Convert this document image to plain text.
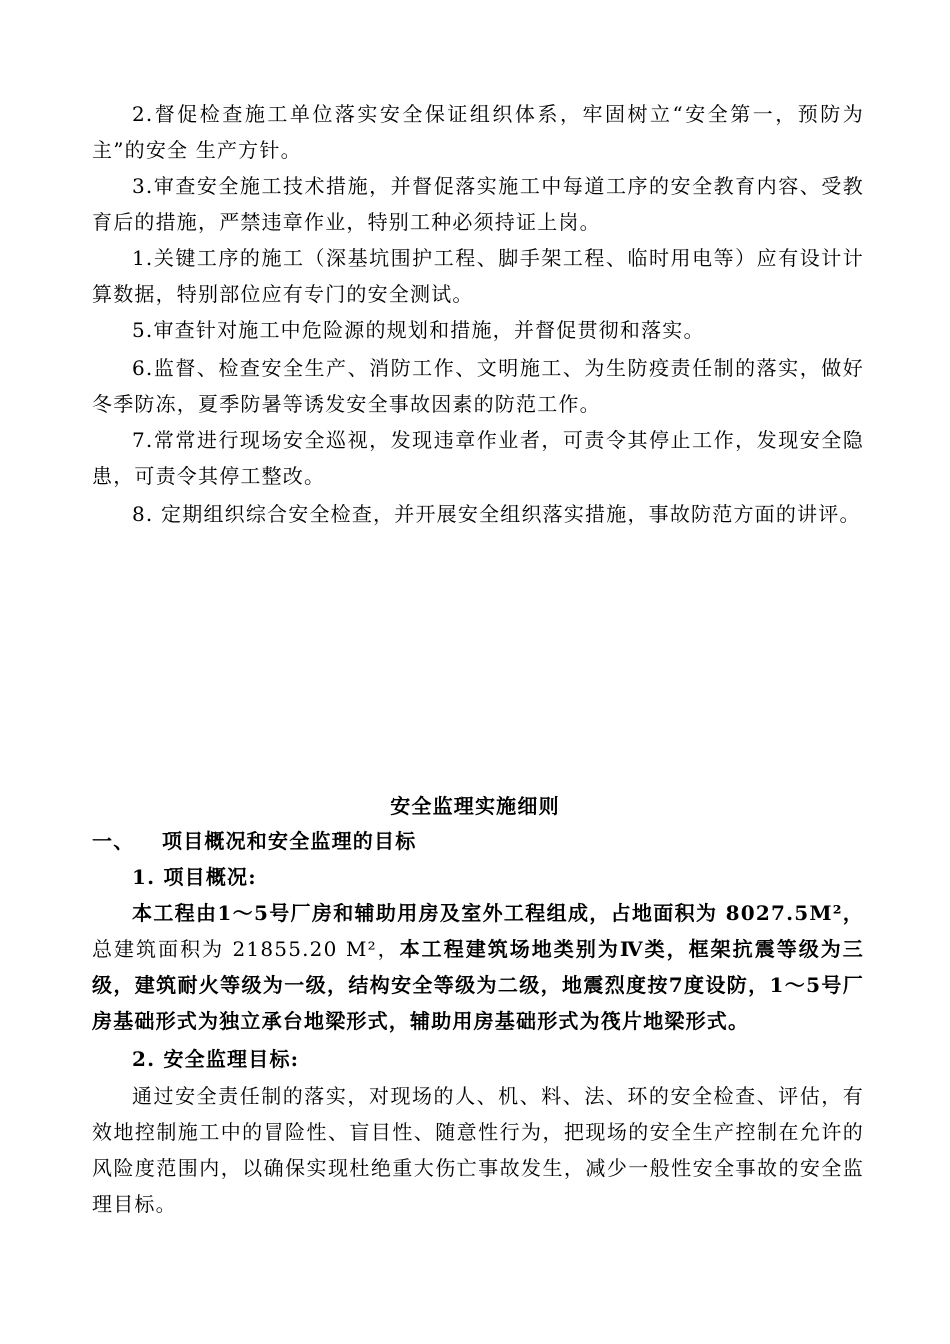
2.督促检查施工单位落实安全保证组织体系，牢固树立“安全第一，预防为主”的安全 生产方针。

3.审查安全施工技术措施，并督促落实施工中每道工序的安全教育内容、受教育后的措施，严禁违章作业，特别工种必须持证上岗。

1.关键工序的施工（深基坑围护工程、脚手架工程、临时用电等）应有设计计算数据，特别部位应有专门的安全测试。

5.审查针对施工中危险源的规划和措施，并督促贯彻和落实。

6.监督、检查安全生产、消防工作、文明施工、为生防疫责任制的落实，做好冬季防冻，夏季防暑等诱发安全事故因素的防范工作。

7.常常进行现场安全巡视，发现违章作业者，可责令其停止工作，发现安全隐患，可责令其停工整改。

8. 定期组织综合安全检查，并开展安全组织落实措施，事故防范方面的讲评。

安全监理实施细则

一、 项目概况和安全监理的目标

1. 项目概况:

本工程由1～5号厂房和辅助用房及室外工程组成，占地面积为 8027.5M²，总建筑面积为 21855.20 M²，本工程建筑场地类别为Ⅳ类，框架抗震等级为三级，建筑耐火等级为一级，结构安全等级为二级，地震烈度按7度设防，1～5号厂房基础形式为独立承台地梁形式，辅助用房基础形式为筏片地梁形式。

2. 安全监理目标:

通过安全责任制的落实，对现场的人、机、料、法、环的安全检查、评估，有效地控制施工中的冒险性、盲目性、随意性行为，把现场的安全生产控制在允许的风险度范围内，以确保实现杜绝重大伤亡事故发生，减少一般性安全事故的安全监理目标。
